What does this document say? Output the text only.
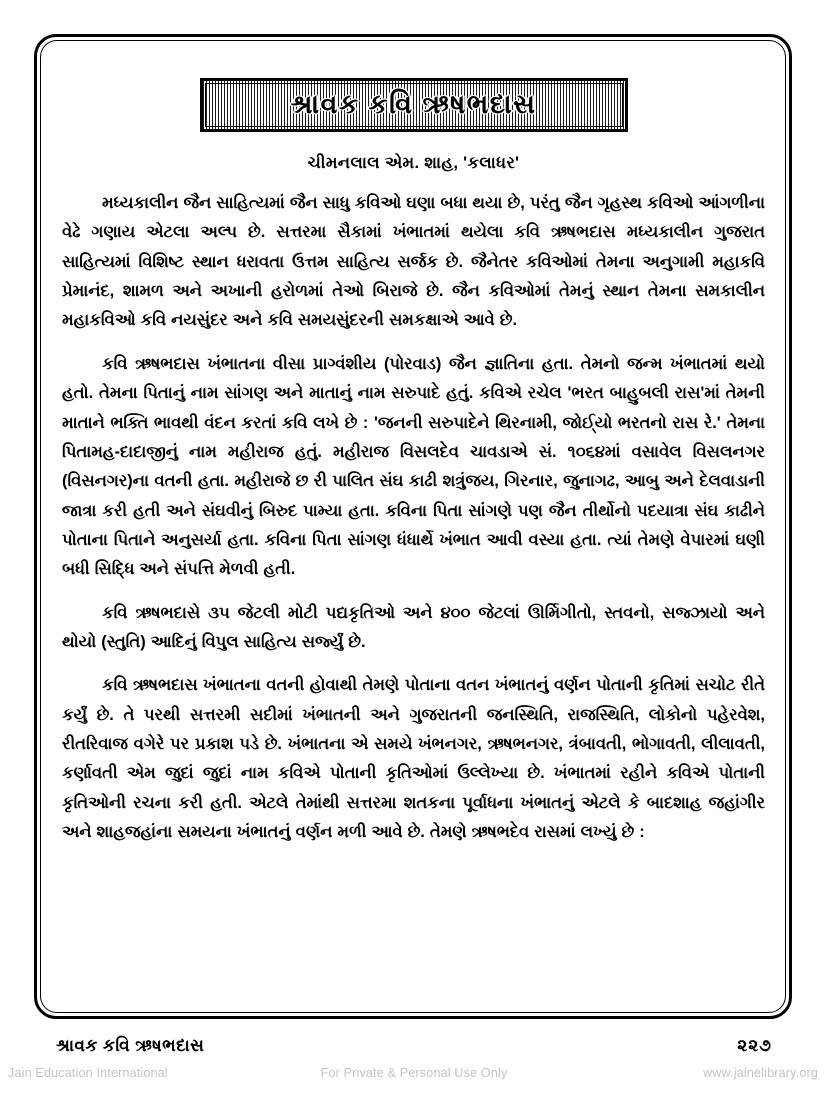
શ્રાવક કવિ ઋષભદાસ
ચીમનલાલ એમ. શાહ, 'કલાધર'

મધ્યકાલીન જૈન સાહિત્યમાં જૈન સાધુ કવિઓ ઘણા બધા થયા છે, પરંતુ જૈન ગૃહસ્થ કવિઓ આંગળીના વેઢે ગણાય એટલા અલ્પ છે. સત્તરમા સૈકામાં ખંભાતમાં થયેલા કવિ ઋષભદાસ મધ્યકાલીન ગુજરાત સાહિત્યમાં વિશિષ્ટ સ્થાન ધરાવતા ઉત્તમ સાહિત્ય સર્જક છે. જૈનેતર કવિઓમાં તેમના અનુગામી મહાકવિ પ્રેમાનંદ, શામળ અને અખાની હરોળમાં તેઓ બિરાજે છે. જૈન કવિઓમાં તેમનું સ્થાન તેમના સમકાલીન મહાકવિઓ કવિ નયસુંદર અને કવિ સમયસુંદરની સમકક્ષાએ આવે છે.

કવિ ઋષભદાસ ખંભાતના વીસા પ્રાગ્વંશીય (પોરવાડ) જૈન જ્ઞાતિના હતા. તેમનો જન્મ ખંભાતમાં થયો હતો. તેમના પિતાનું નામ સાંગણ અને માતાનું નામ સરુપાદે હતું. કવિએ રચેલ 'ભરત બાહુબલી રાસ'માં તેમની માતાને ભક્તિ ભાવથી વંદન કરતાં કવિ લખે છે : 'જનની સરુપાદેને થિરનામી, જોઈ્યો ભરતનો રાસ રે.' તેમના પિતામહ-દાદાજીનું નામ મહીરાજ હતું. મહીરાજ વિસલદેવ ચાવડાએ સં. ૧૦૬૪માં વસાવેલ વિસલનગર (વિસનગર)ના વતની હતા. મહીરાજે છ રી પાલિત સંઘ કાઢી શત્રુંજય, ગિરનાર, જુનાગઢ, આબુ અને દેલવાડાની જાત્રા કરી હતી અને સંઘવીનું બિરુદ પામ્યા હતા. કવિના પિતા સાંગણે પણ જૈન તીર્થોનો પદયાત્રા સંઘ કાઢીને પોતાના પિતાને અનુસર્યા હતા. કવિના પિતા સાંગણ ધંધાર્થે ખંભાત આવી વસ્યા હતા. ત્યાં તેમણે વેપારમાં ઘણી બધી સિદ્ધિ અને સંપત્તિ મેળવી હતી.

કવિ ઋષભદાસે ૩૫ જેટલી મોટી પદ્યકૃતિઓ અને ૪૦૦ જેટલાં ઊર્મિગીતો, સ્તવનો, સજ્ઝાયો અને થોયો (સ્તુતિ) આદિનું વિપુલ સાહિત્ય સર્જ્યું છે.

કવિ ઋષભદાસ ખંભાતના વતની હોવાથી તેમણે પોતાના વતન ખંભાતનું વર્ણન પોતાની કૃતિમાં સચોટ રીતે કર્યું છે. તે પરથી સત્તરમી સદીમાં ખંભાતની અને ગુજરાતની જનસ્થિતિ, રાજસ્થિતિ, લોકોનો પહેરવેશ, રીતરિવાજ વગેરે પર પ્રકાશ પડે છે. ખંભાતના એ સમયે ખંભનગર, ઋષભનગર, ત્રંબાવતી, ભોગાવતી, લીલાવતી, કર્ણાવતી એમ જુદાં જુદાં નામ કવિએ પોતાની કૃતિઓમાં ઉલ્લેખ્યા છે. ખંભાતમાં રહીને કવિએ પોતાની કૃતિઓની રચના કરી હતી. એટલે તેમાંથી સત્તરમા શતકના પૂર્વાધના ખંભાતનું એટલે કે બાદશાહ જહાંગીર અને શાહજહાંના સમયના ખંભાતનું વર્ણન મળી આવે છે. તેમણે ઋષભદેવ રાસમાં લખ્યું છે :

શ્રાવક કવિ ઋષભદાસ	૨૨૭
Jain Education International	For Private & Personal Use Only	www.jainelibrary.org
